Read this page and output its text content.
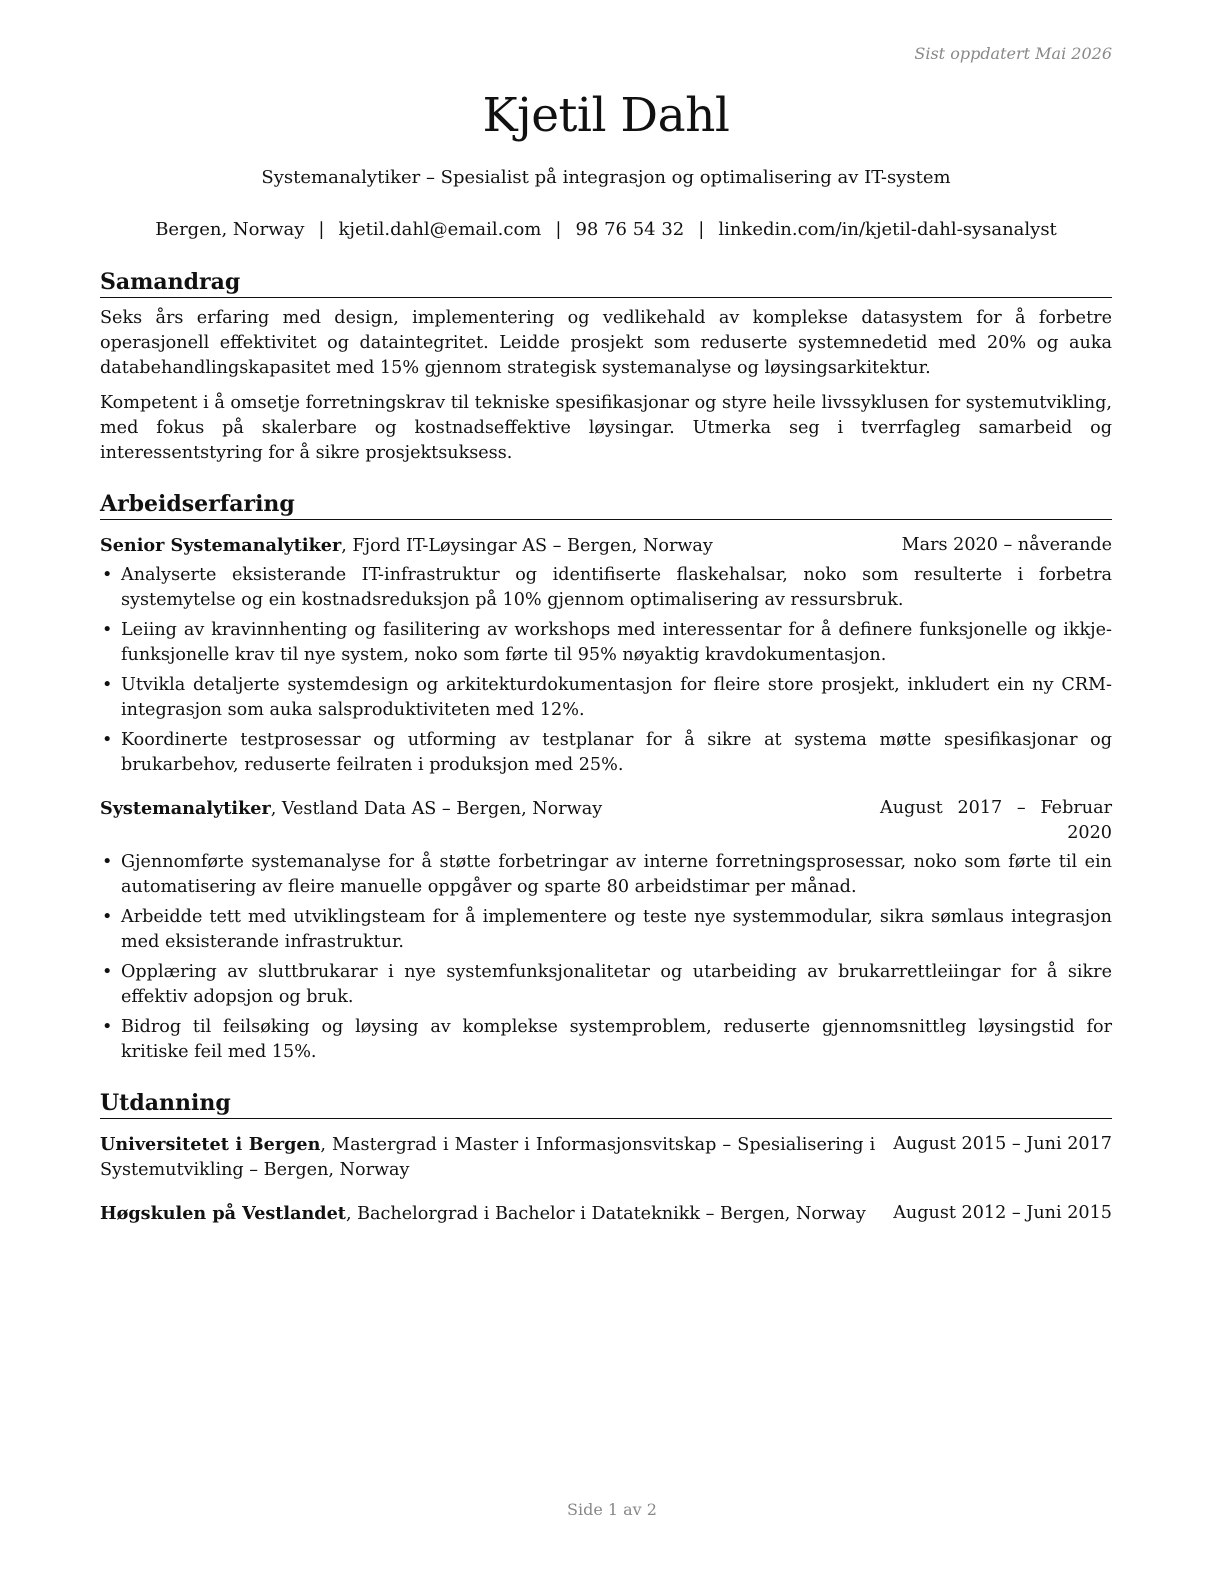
Sist oppdatert Mai 2026
Kjetil Dahl
Systemanalytiker – Spesialist på integrasjon og optimalisering av IT-system
Bergen, Norway | kjetil.dahl@email.com | 98 76 54 32 | linkedin.com/in/kjetil-dahl-sysanalyst
Samandrag

Seks års erfaring med design, implementering og vedlikehald av komplekse datasystem for å forbetre operasjonell effektivitet og dataintegritet. Leidde prosjekt som reduserte systemnedetid med 20% og auka databehandlingskapasitet med 15% gjennom strategisk systemanalyse og løysingsarkitektur.

Kompetent i å omsetje forretningskrav til tekniske spesifikasjonar og styre heile livssyklusen for systemutvikling, med fokus på skalerbare og kostnadseffektive løysingar. Utmerka seg i tverrfagleg samarbeid og interessentstyring for å sikre prosjektsuksess.

Arbeidserfaring
Senior Systemanalytiker, Fjord IT-Løysingar AS – Bergen, Norway	Mars 2020 – nåverande
• Analyserte eksisterande IT-infrastruktur og identifiserte flaskehalsar, noko som resulterte i forbetra systemytelse og ein kostnadsreduksjon på 10% gjennom optimalisering av ressursbruk.
• Leiing av kravinnhenting og fasilitering av workshops med interessentar for å definere funksjonelle og ikkje-funksjonelle krav til nye system, noko som førte til 95% nøyaktig kravdokumentasjon.
• Utvikla detaljerte systemdesign og arkitekturdokumentasjon for fleire store prosjekt, inkludert ein ny CRM-integrasjon som auka salsproduktiviteten med 12%.
• Koordinerte testprosessar og utforming av testplanar for å sikre at systema møtte spesifikasjonar og brukarbehov, reduserte feilraten i produksjon med 25%.
Systemanalytiker, Vestland Data AS – Bergen, Norway	August 2017 – Februar 2020
• Gjennomførte systemanalyse for å støtte forbetringar av interne forretningsprosessar, noko som førte til ein automatisering av fleire manuelle oppgåver og sparte 80 arbeidstimar per månad.
• Arbeidde tett med utviklingsteam for å implementere og teste nye systemmodular, sikra sømlaus integrasjon med eksisterande infrastruktur.
• Opplæring av sluttbrukarar i nye systemfunksjonalitetar og utarbeiding av brukarrettleiingar for å sikre effektiv adopsjon og bruk.
• Bidrog til feilsøking og løysing av komplekse systemproblem, reduserte gjennomsnittleg løysingstid for kritiske feil med 15%.
Utdanning
Universitetet i Bergen, Mastergrad i Master i Informasjonsvitskap – Spesialisering i Systemutvikling – Bergen, Norway
August 2015 – Juni 2017
Høgskulen på Vestlandet, Bachelorgrad i Bachelor i Datateknikk – Bergen, Norway	August 2012 – Juni 2015
Side 1 av 2
